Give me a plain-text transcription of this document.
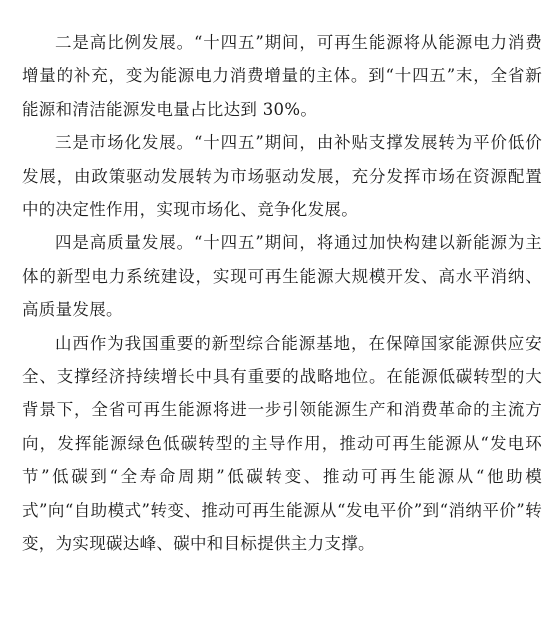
二是高比例发展。“十四五”期间，可再生能源将从能源电力消费增量的补充，变为能源电力消费增量的主体。到“十四五”末，全省新能源和清洁能源发电量占比达到 30%。

三是市场化发展。“十四五”期间，由补贴支撑发展转为平价低价发展，由政策驱动发展转为市场驱动发展，充分发挥市场在资源配置中的决定性作用，实现市场化、竞争化发展。

四是高质量发展。“十四五”期间，将通过加快构建以新能源为主体的新型电力系统建设，实现可再生能源大规模开发、高水平消纳、高质量发展。

山西作为我国重要的新型综合能源基地，在保障国家能源供应安全、支撑经济持续增长中具有重要的战略地位。在能源低碳转型的大背景下，全省可再生能源将进一步引领能源生产和消费革命的主流方向，发挥能源绿色低碳转型的主导作用，推动可再生能源从“发电环节”低碳到“全寿命周期”低碳转变、推动可再生能源从“他助模式”向“自助模式”转变、推动可再生能源从“发电平价”到“消纳平价”转变，为实现碳达峰、碳中和目标提供主力支撑。
